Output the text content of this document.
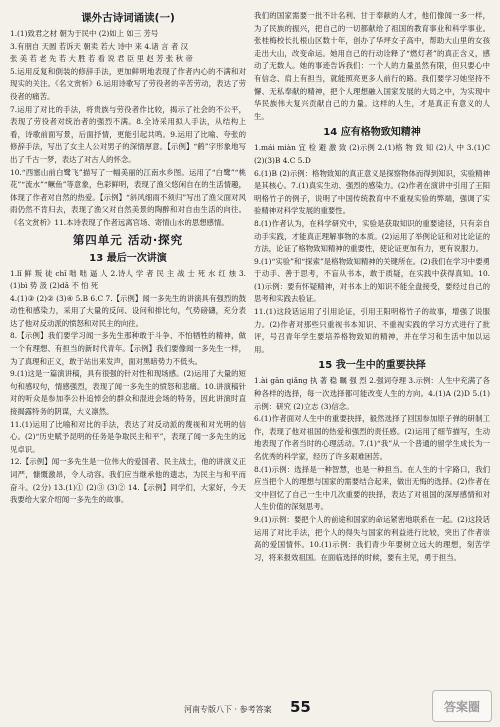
课外古诗词诵读(一)

1.(1)致君之材 朝为于民中 (2)如上 如三 芳号

3.有朋自 天圆 若诉天 朝卖 若大 诗中 来 4.诸 言 者 汉

张 美 若 老 先 若 大 胜 若 看 说 君 臣 里 赵 芳 张 秋 帝

5.运用反复和倒装的修辞手法，更加鲜明地表现了作者内心的不满和对现实的关注。《名文赏析》6.运用诗歌写了劳役者的辛苦劳动，表达了劳役者的痛苦。

7.运用了对比的手法，将贵族与劳役者作比较，揭示了社会的不公平，表现了劳役者对统治者的强烈不满。8.全诗采用拟人手法，从结构上看，诗歌前面写景，后面抒情，更能引起共鸣。9.运用了比喻、夸张的修辞手法，写出了女主人公对男子的深情厚意。【示例】“鹤”字形象地写出了千古一梦，表达了对古人的怀念。

10.“西塞山前白鹭飞”描写了一幅美丽的江南水乡图。运用了“白鹭”“桃花”“流水”“鳜鱼”等意象，色彩鲜明，表现了渔父悠闲自在的生活情趣，体现了作者对自然的热爱。【示例】“斜风细雨不须归”写出了渔父面对风雨仍然不肯归去，表现了渔父对自然美景的陶醉和对自由生活的向往。《名文赏析》11.本诗表现了作者远离官场、寄情山水的思想感情。

第四单元 活动·探究
13 最后一次讲演

1.lǐ 鲜 叛 徒 chǐ 咄 咄 逼 人 2.诗人 学 者 民 主 战 士 死 水 红 烛 3.(1)bì 势 汲 (2)dǎ 不 怕 死

4.(1)③ (2)② (3)④ 5.B 6.C 7.【示例】闻一多先生的讲演具有强烈的鼓动性和感染力，采用了大量的反问、设问和排比句，气势磅礴，充分表达了他对反动派的愤怒和对民主的向往。

8.【示例】我们要学习闻一多先生那种敢于斗争、不怕牺牲的精神，做一个有理想、有担当的新时代青年。【示例】我们要像闻一多先生一样，为了真理和正义，敢于站出来发声，面对黑暗势力不低头。

9.(1)这是一篇演讲稿，具有很强的针对性和现场感。(2)运用了大量的短句和感叹句，情感强烈，表现了闻一多先生的愤怒和悲痛。10.讲演稿针对的听众是参加李公朴追悼会的群众和混进会场的特务，因此讲演时直接揭露特务的阴谋，大义凛然。

11.(1)运用了比喻和对比的手法，表达了对反动派的蔑视和对光明的信心。(2)“历史赋予昆明的任务是争取民主和平”，表现了闻一多先生的远见卓识。

12.【示例】闻一多先生是一位伟大的爱国者、民主战士，他的讲演义正词严，慷慨激昂，令人动容。我们应当继承他的遗志，为民主与和平而奋斗。(2分) 13.(1)① (2)③ (3)② 14.【示例】同学们，大家好，今天我要给大家介绍闻一多先生的故事。

我们的国家需要一批不计名利、甘于奉献的人才，他们像闻一多一样，为了民族的振兴，把自己的一切都献给了祖国的教育事业和科学事业。张桂梅校长扎根山区数十年，创办了华坪女子高中，帮助大山里的女孩走出大山，改变命运。她用自己的行动诠释了“燃灯者”的真正含义，感动了无数人。她的事迹告诉我们：一个人的力量虽然有限，但只要心中有信念、肩上有担当，就能照亮更多人前行的路。我们要学习她坚持不懈、无私奉献的精神，把个人理想融入国家发展的大局之中，为实现中华民族伟大复兴贡献自己的力量。这样的人生，才是真正有意义的人生。

14 应有格物致知精神

1.mái miàn 宜 检 避 激 致 (2)示例 2.(1)格 物 致 知 (2)人 中 3.(1)C (2)(3)B 4.C 5.D

6.(1)B (2)示例：格物致知的真正意义是探察物体而得到知识，实验精神是其核心。7.(1)真实生动、强烈的感染力。(2)作者在演讲中引用了王阳明格竹子的例子，说明了中国传统教育中不重视实验的弊端，强调了实验精神对科学发展的重要性。

8.(1)作者认为，在科学研究中，实验是获取知识的重要途径，只有亲自动手实践，才能真正理解事物的本质。(2)运用了举例论证和对比论证的方法，论证了格物致知精神的重要性，使论证更加有力，更有说服力。

9.(1)“实验”和“探索”是格物致知精神的关键所在。(2)我们在学习中要勇于动手、善于思考，不盲从书本，敢于质疑，在实践中获得真知。10.(1)示例：要有怀疑精神，对书本上的知识不能全盘接受，要经过自己的思考和实践去验证。

11.(1)这段话运用了引用论证，引用王阳明格竹子的故事，增强了说服力。(2)作者对那些只重视书本知识、不重视实践的学习方式进行了批评，号召青年学生要培养格物致知的精神，并在学习和生活中加以运用。

15 我一生中的重要抉择

1.ài gān qiǎng 执 著 稳 瞩 强 烈 2.强词夺理 3.示例：人生中充满了各种各样的选择，每一次选择都可能改变人生的方向。4.(1)A (2)D 5.(1)示例：研究 (2)立志 (3)信念。

6.(1)作者面对人生中的重要抉择，毅然选择了回国参加原子弹的研制工作，表现了他对祖国的热爱和强烈的责任感。(2)运用了细节描写，生动地表现了作者当时的心理活动。7.(1)“我”从一个普通的留学生成长为一名优秀的科学家，经历了许多艰难困苦。

8.(1)示例：选择是一种智慧，也是一种担当。在人生的十字路口，我们应当把个人的理想与国家的需要结合起来，做出无悔的选择。(2)作者在文中回忆了自己一生中几次重要的抉择，表达了对祖国的深厚感情和对人生价值的深刻思考。

9.(1)示例：要把个人的前途和国家的命运紧密地联系在一起。(2)这段话运用了对比手法，把个人的得失与国家的利益进行比较，突出了作者崇高的爱国情怀。10.(1)示例：我们青少年要树立远大的理想，刻苦学习，将来报效祖国。在面临选择的时候，要有主见，勇于担当。

河南专版八下 · 参考答案 55	答案圈
